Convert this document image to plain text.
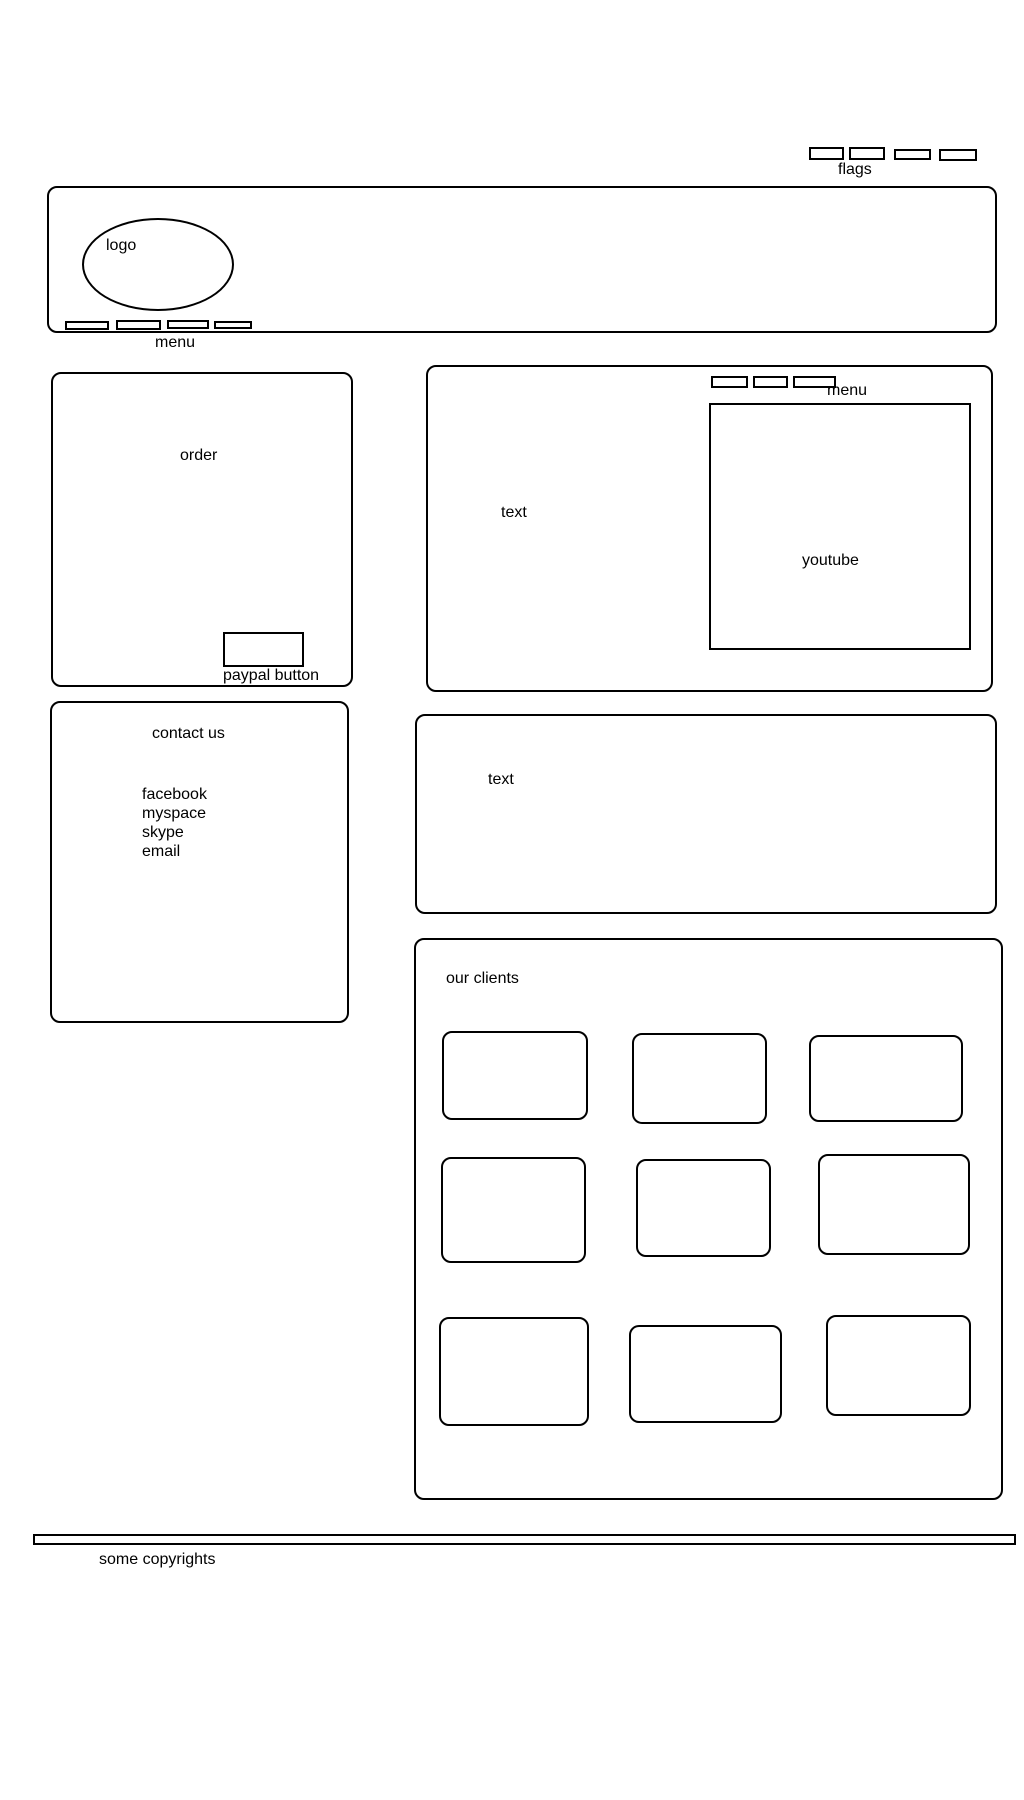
flags
logo
menu
order
paypal button
menu
text
youtube
contact us
facebook
myspace
skype
email
text
our clients
some copyrights
